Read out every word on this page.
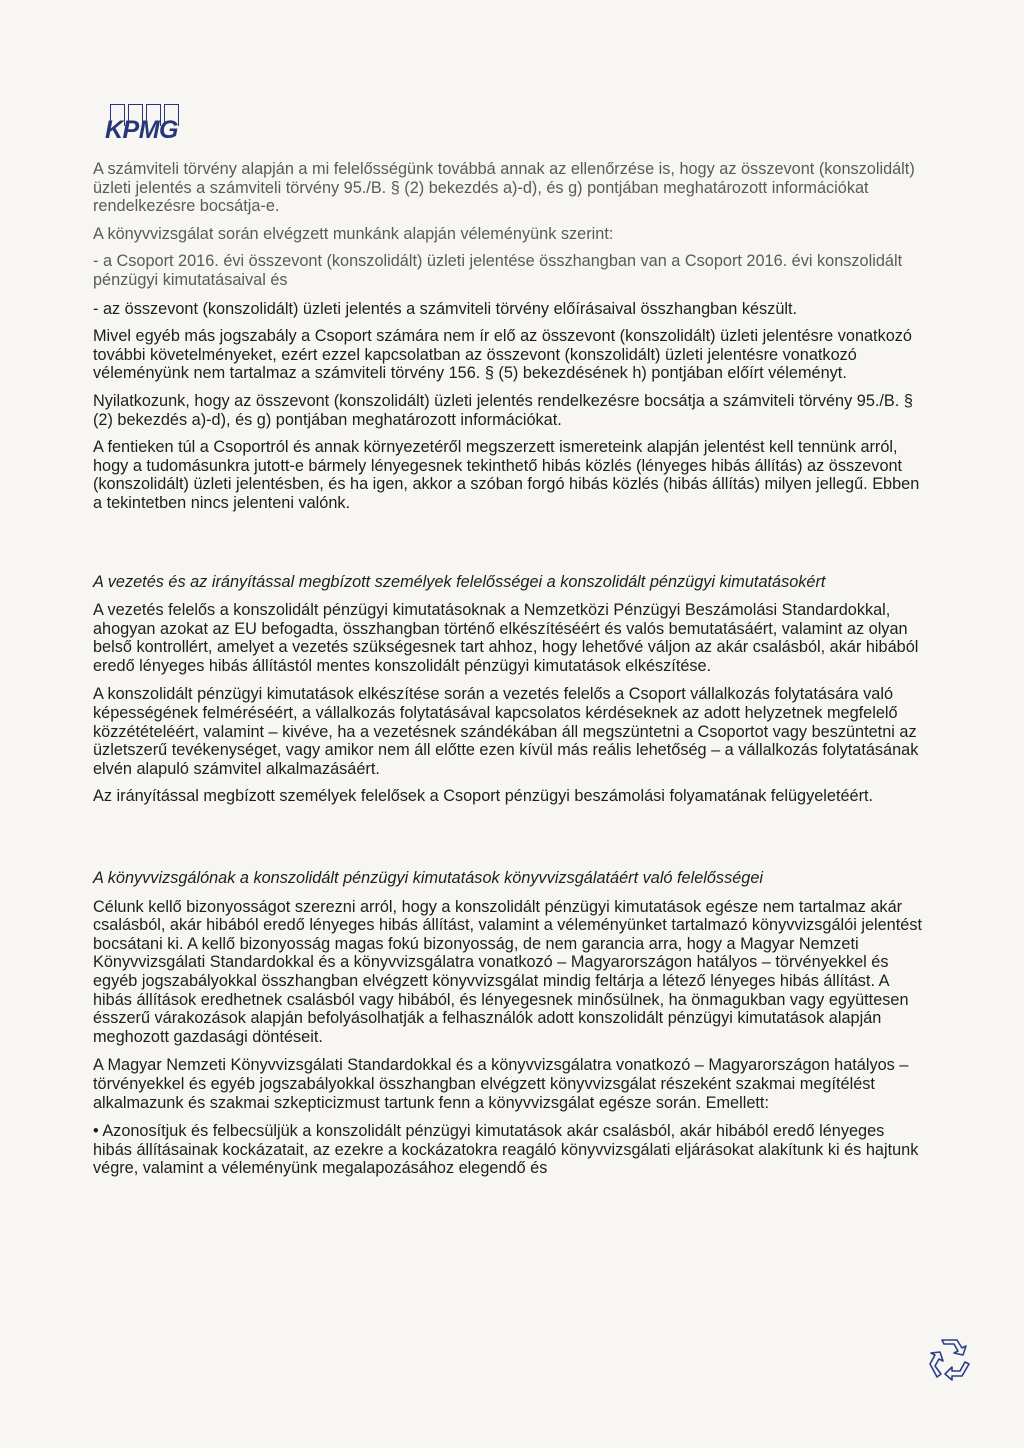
KPMG

A számviteli törvény alapján a mi felelősségünk továbbá annak az ellenőrzése is, hogy az összevont (konszolidált) üzleti jelentés a számviteli törvény 95./B. § (2) bekezdés a)-d), és g) pontjában meghatározott információkat rendelkezésre bocsátja-e.

A könyvvizsgálat során elvégzett munkánk alapján véleményünk szerint:

- a Csoport 2016. évi összevont (konszolidált) üzleti jelentése összhangban van a Csoport 2016. évi konszolidált pénzügyi kimutatásaival és

- az összevont (konszolidált) üzleti jelentés a számviteli törvény előírásaival összhangban készült.

Mivel egyéb más jogszabály a Csoport számára nem ír elő az összevont (konszolidált) üzleti jelentésre vonatkozó további követelményeket, ezért ezzel kapcsolatban az összevont (konszolidált) üzleti jelentésre vonatkozó véleményünk nem tartalmaz a számviteli törvény 156. § (5) bekezdésének h) pontjában előírt véleményt.

Nyilatkozunk, hogy az összevont (konszolidált) üzleti jelentés rendelkezésre bocsátja a számviteli törvény 95./B. § (2) bekezdés a)-d), és g) pontjában meghatározott információkat.

A fentieken túl a Csoportról és annak környezetéről megszerzett ismereteink alapján jelentést kell tennünk arról, hogy a tudomásunkra jutott-e bármely lényegesnek tekinthető hibás közlés (lényeges hibás állítás) az összevont (konszolidált) üzleti jelentésben, és ha igen, akkor a szóban forgó hibás közlés (hibás állítás) milyen jellegű. Ebben a tekintetben nincs jelenteni valónk.

A vezetés és az irányítással megbízott személyek felelősségei a konszolidált pénzügyi kimutatásokért

A vezetés felelős a konszolidált pénzügyi kimutatásoknak a Nemzetközi Pénzügyi Beszámolási Standardokkal, ahogyan azokat az EU befogadta, összhangban történő elkészítéséért és valós bemutatásáért, valamint az olyan belső kontrollért, amelyet a vezetés szükségesnek tart ahhoz, hogy lehetővé váljon az akár csalásból, akár hibából eredő lényeges hibás állítástól mentes konszolidált pénzügyi kimutatások elkészítése.

A konszolidált pénzügyi kimutatások elkészítése során a vezetés felelős a Csoport vállalkozás folytatására való képességének felméréséért, a vállalkozás folytatásával kapcsolatos kérdéseknek az adott helyzetnek megfelelő közzétételéért, valamint – kivéve, ha a vezetésnek szándékában áll megszüntetni a Csoportot vagy beszüntetni az üzletszerű tevékenységet, vagy amikor nem áll előtte ezen kívül más reális lehetőség – a vállalkozás folytatásának elvén alapuló számvitel alkalmazásáért.

Az irányítással megbízott személyek felelősek a Csoport pénzügyi beszámolási folyamatának felügyeletéért.

A könyvvizsgálónak a konszolidált pénzügyi kimutatások könyvvizsgálatáért való felelősségei

Célunk kellő bizonyosságot szerezni arról, hogy a konszolidált pénzügyi kimutatások egésze nem tartalmaz akár csalásból, akár hibából eredő lényeges hibás állítást, valamint a véleményünket tartalmazó könyvvizsgálói jelentést bocsátani ki. A kellő bizonyosság magas fokú bizonyosság, de nem garancia arra, hogy a Magyar Nemzeti Könyvvizsgálati Standardokkal és a könyvvizsgálatra vonatkozó – Magyarországon hatályos – törvényekkel és egyéb jogszabályokkal összhangban elvégzett könyvvizsgálat mindig feltárja a létező lényeges hibás állítást. A hibás állítások eredhetnek csalásból vagy hibából, és lényegesnek minősülnek, ha önmagukban vagy együttesen ésszerű várakozások alapján befolyásolhatják a felhasználók adott konszolidált pénzügyi kimutatások alapján meghozott gazdasági döntéseit.

A Magyar Nemzeti Könyvvizsgálati Standardokkal és a könyvvizsgálatra vonatkozó – Magyarországon hatályos – törvényekkel és egyéb jogszabályokkal összhangban elvégzett könyvvizsgálat részeként szakmai megítélést alkalmazunk és szakmai szkepticizmust tartunk fenn a könyvvizsgálat egésze során. Emellett:

• Azonosítjuk és felbecsüljük a konszolidált pénzügyi kimutatások akár csalásból, akár hibából eredő lényeges hibás állításainak kockázatait, az ezekre a kockázatokra reagáló könyvvizsgálati eljárásokat alakítunk ki és hajtunk végre, valamint a véleményünk megalapozásához elegendő és
